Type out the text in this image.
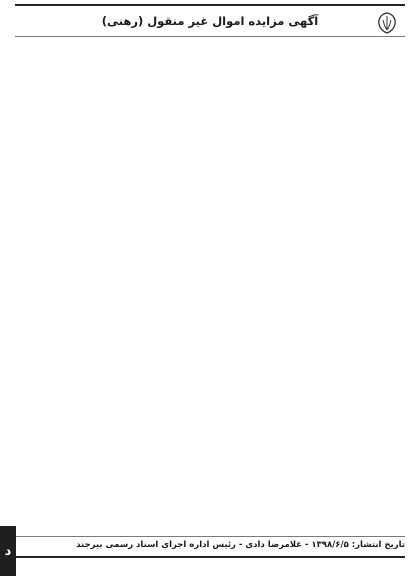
آگهی مزایده اموال غیر منقول (رهنی)
تاریخ انتشار: ۱۳۹۸/۶/۵ - غلامرضا دادی - رئیس اداره اجرای اسناد رسمی بیرجند
د
